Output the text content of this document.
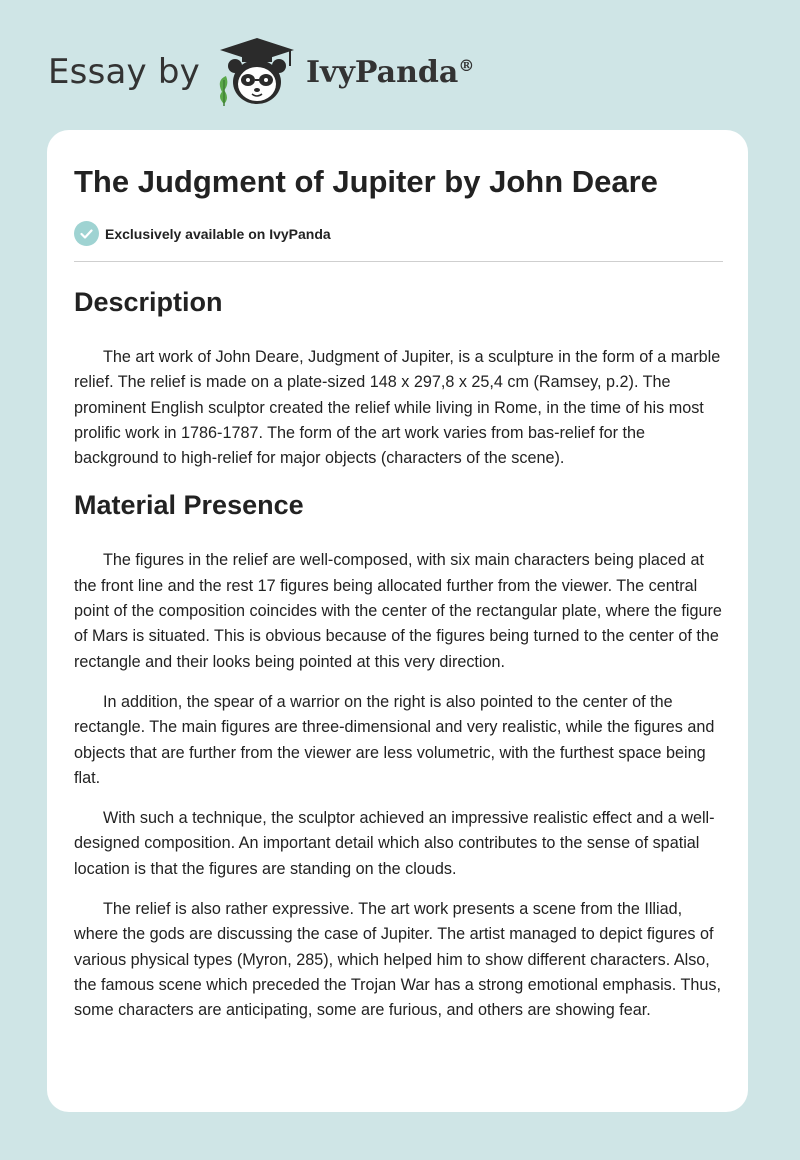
Essay by	IvyPanda®
The Judgment of Jupiter by John Deare
Exclusively available on IvyPanda
Description

The art work of John Deare, Judgment of Jupiter, is a sculpture in the form of a marble relief. The relief is made on a plate-sized 148 x 297,8 x 25,4 cm (Ramsey, p.2). The prominent English sculptor created the relief while living in Rome, in the time of his most prolific work in 1786-1787. The form of the art work varies from bas-relief for the background to high-relief for major objects (characters of the scene).

Material Presence

The figures in the relief are well-composed, with six main characters being placed at the front line and the rest 17 figures being allocated further from the viewer. The central point of the composition coincides with the center of the rectangular plate, where the figure of Mars is situated. This is obvious because of the figures being turned to the center of the rectangle and their looks being pointed at this very direction.

In addition, the spear of a warrior on the right is also pointed to the center of the rectangle. The main figures are three-dimensional and very realistic, while the figures and objects that are further from the viewer are less volumetric, with the furthest space being flat.

With such a technique, the sculptor achieved an impressive realistic effect and a well-designed composition. An important detail which also contributes to the sense of spatial location is that the figures are standing on the clouds.

The relief is also rather expressive. The art work presents a scene from the Illiad, where the gods are discussing the case of Jupiter. The artist managed to depict figures of various physical types (Myron, 285), which helped him to show different characters. Also, the famous scene which preceded the Trojan War has a strong emotional emphasis. Thus, some characters are anticipating, some are furious, and others are showing fear.
